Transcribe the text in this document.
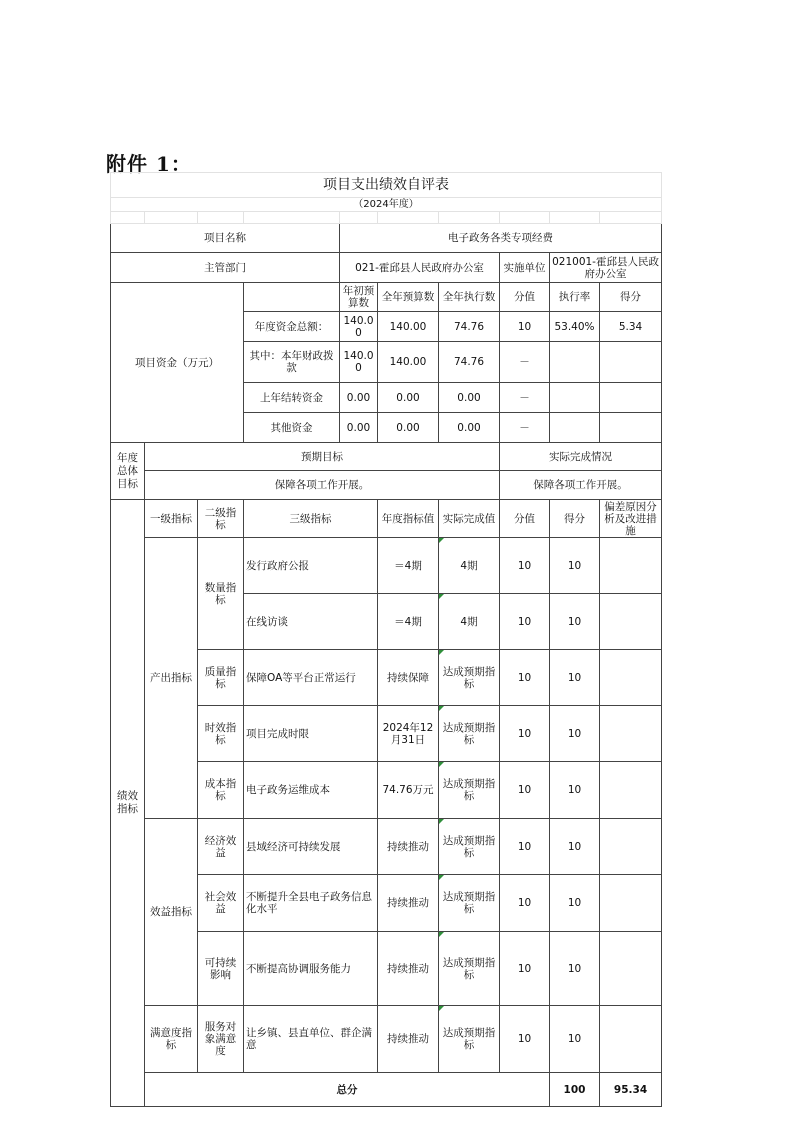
附件 1：
项目支出绩效自评表										
（2024年度）										

项目名称				电子政务各类专项经费						
主管部门				021-霍邱县人民政府办公室			实施单位	021001-霍邱县人民政府办公室		
项目资金（万元）				年初预算数	全年预算数	全年执行数	分值	执行率	得分	
			年度资金总额：	140.00	140.00	74.76	10	53.40%	5.34	
			其中：本年财政拨款	140.00	140.00	74.76	－			
			上年结转资金	0.00	0.00	0.00	－			
			其他资金	0.00	0.00	0.00	－			
年度总体目标	预期目标						实际完成情况			
	保障各项工作开展。						保障各项工作开展。			
绩效指标	一级指标	二级指标	三级指标		年度指标值	实际完成值	分值	得分	偏差原因分析及改进措施	
	产出指标	数量指标	发行政府公报		＝4期	4期	10	10		
			在线访谈		＝4期	4期	10	10		
		质量指标	保障OA等平台正常运行		持续保障	达成预期指标	10	10		
		时效指标	项目完成时限		2024年12月31日	达成预期指标	10	10		
		成本指标	电子政务运维成本		74.76万元	达成预期指标	10	10		
	效益指标	经济效益	县域经济可持续发展		持续推动	达成预期指标	10	10		
		社会效益	不断提升全县电子政务信息化水平		持续推动	达成预期指标	10	10		
		可持续影响	不断提高协调服务能力		持续推动	达成预期指标	10	10		
	满意度指标	服务对象满意度	让乡镇、县直单位、群企满意		持续推动	达成预期指标	10	10		
	总分							100	95.34	
